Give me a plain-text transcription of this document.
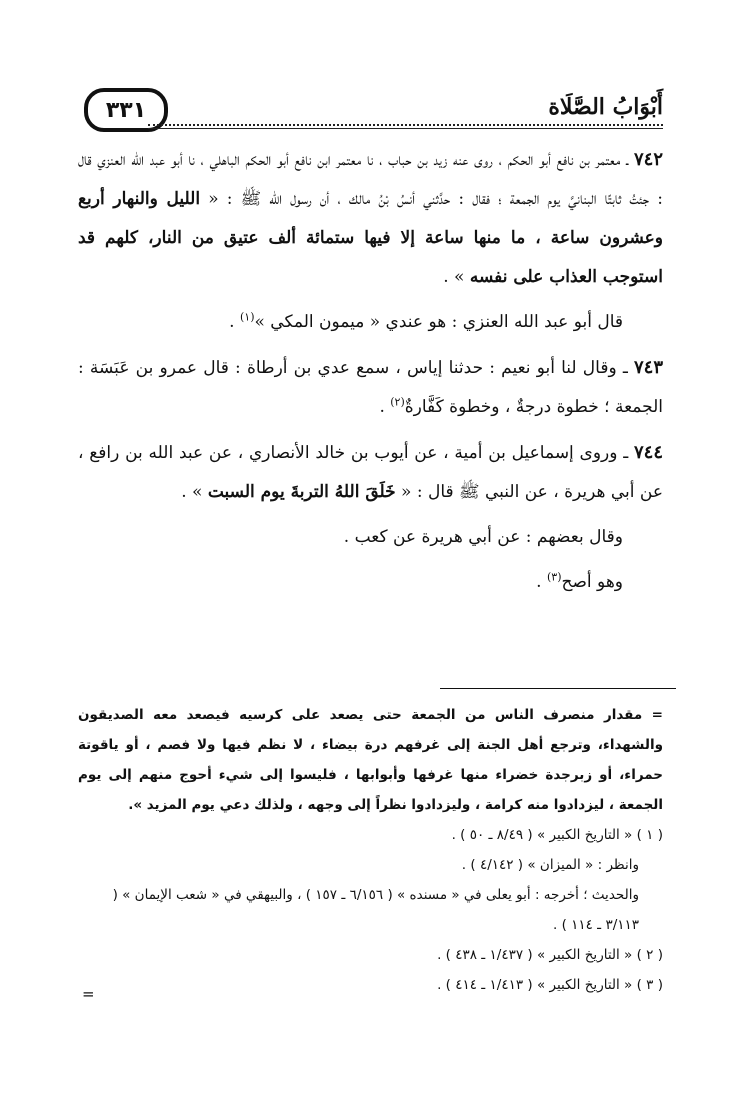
٣٣١	أَبْوَابُ الصَّلَاة

٧٤٢ ـ معتمر بن نافع أبو الحكم ، روى عنه زيد بن حباب ، نا معتمر ابن نافع أبو الحكم الباهلي ، نا أبو عبد الله العنزي قال : جئتُ ثابتًا البنانيَّ يوم الجمعة ؛ فقال : حدَّثني أنسُ بْنُ مالك ، أن رسول الله ﷺ : « الليل والنهار أربع وعشرون ساعة ، ما منها ساعة إلا فيها ستمائة ألف عتيق من النار، كلهم قد استوجب العذاب على نفسه » .

قال أبو عبد الله العنزي : هو عندي « ميمون المكي »$^{(١)}$ .

٧٤٣ ـ وقال لنا أبو نعيم : حدثنا إياس ، سمع عدي بن أرطاة : قال عمرو بن عَبَسَة : الجمعة ؛ خطوة درجةٌ ، وخطوة كَفَّارةٌ$^{(٢)}$ .

٧٤٤ ـ وروى إسماعيل بن أمية ، عن أيوب بن خالد الأنصاري ، عن عبد الله بن رافع ، عن أبي هريرة ، عن النبي ﷺ قال : « خَلَقَ اللهُ التربةَ يوم السبت » .

وقال بعضهم : عن أبي هريرة عن كعب .

وهو أصح$^{(٣)}$ .

= مقدار منصرف الناس من الجمعة حتى يصعد على كرسيه فيصعد معه الصديقون والشهداء، وترجع أهل الجنة إلى غرفهم درة بيضاء ، لا نظم فيها ولا فصم ، أو ياقوتة حمراء، أو زبرجدة خضراء منها غرفها وأبوابها ، فليسوا إلى شيء أحوج منهم إلى يوم الجمعة ، ليزدادوا منه كرامة ، وليزدادوا نظراً إلى وجهه ، ولذلك دعي يوم المزيد ».

( ١ ) « التاريخ الكبير » ( ٨/٤٩ ـ ٥٠ ) .

وانظر : « الميزان » ( ٤/١٤٢ ) .

والحديث ؛ أخرجه : أبو يعلى في « مسنده » ( ٦/١٥٦ ـ ١٥٧ ) ، والبيهقي في « شعب الإيمان » ( ٣/١١٣ ـ ١١٤ ) .

( ٢ ) « التاريخ الكبير » ( ١/٤٣٧ ـ ٤٣٨ ) .

( ٣ ) « التاريخ الكبير » ( ١/٤١٣ ـ ٤١٤ ) .

=
